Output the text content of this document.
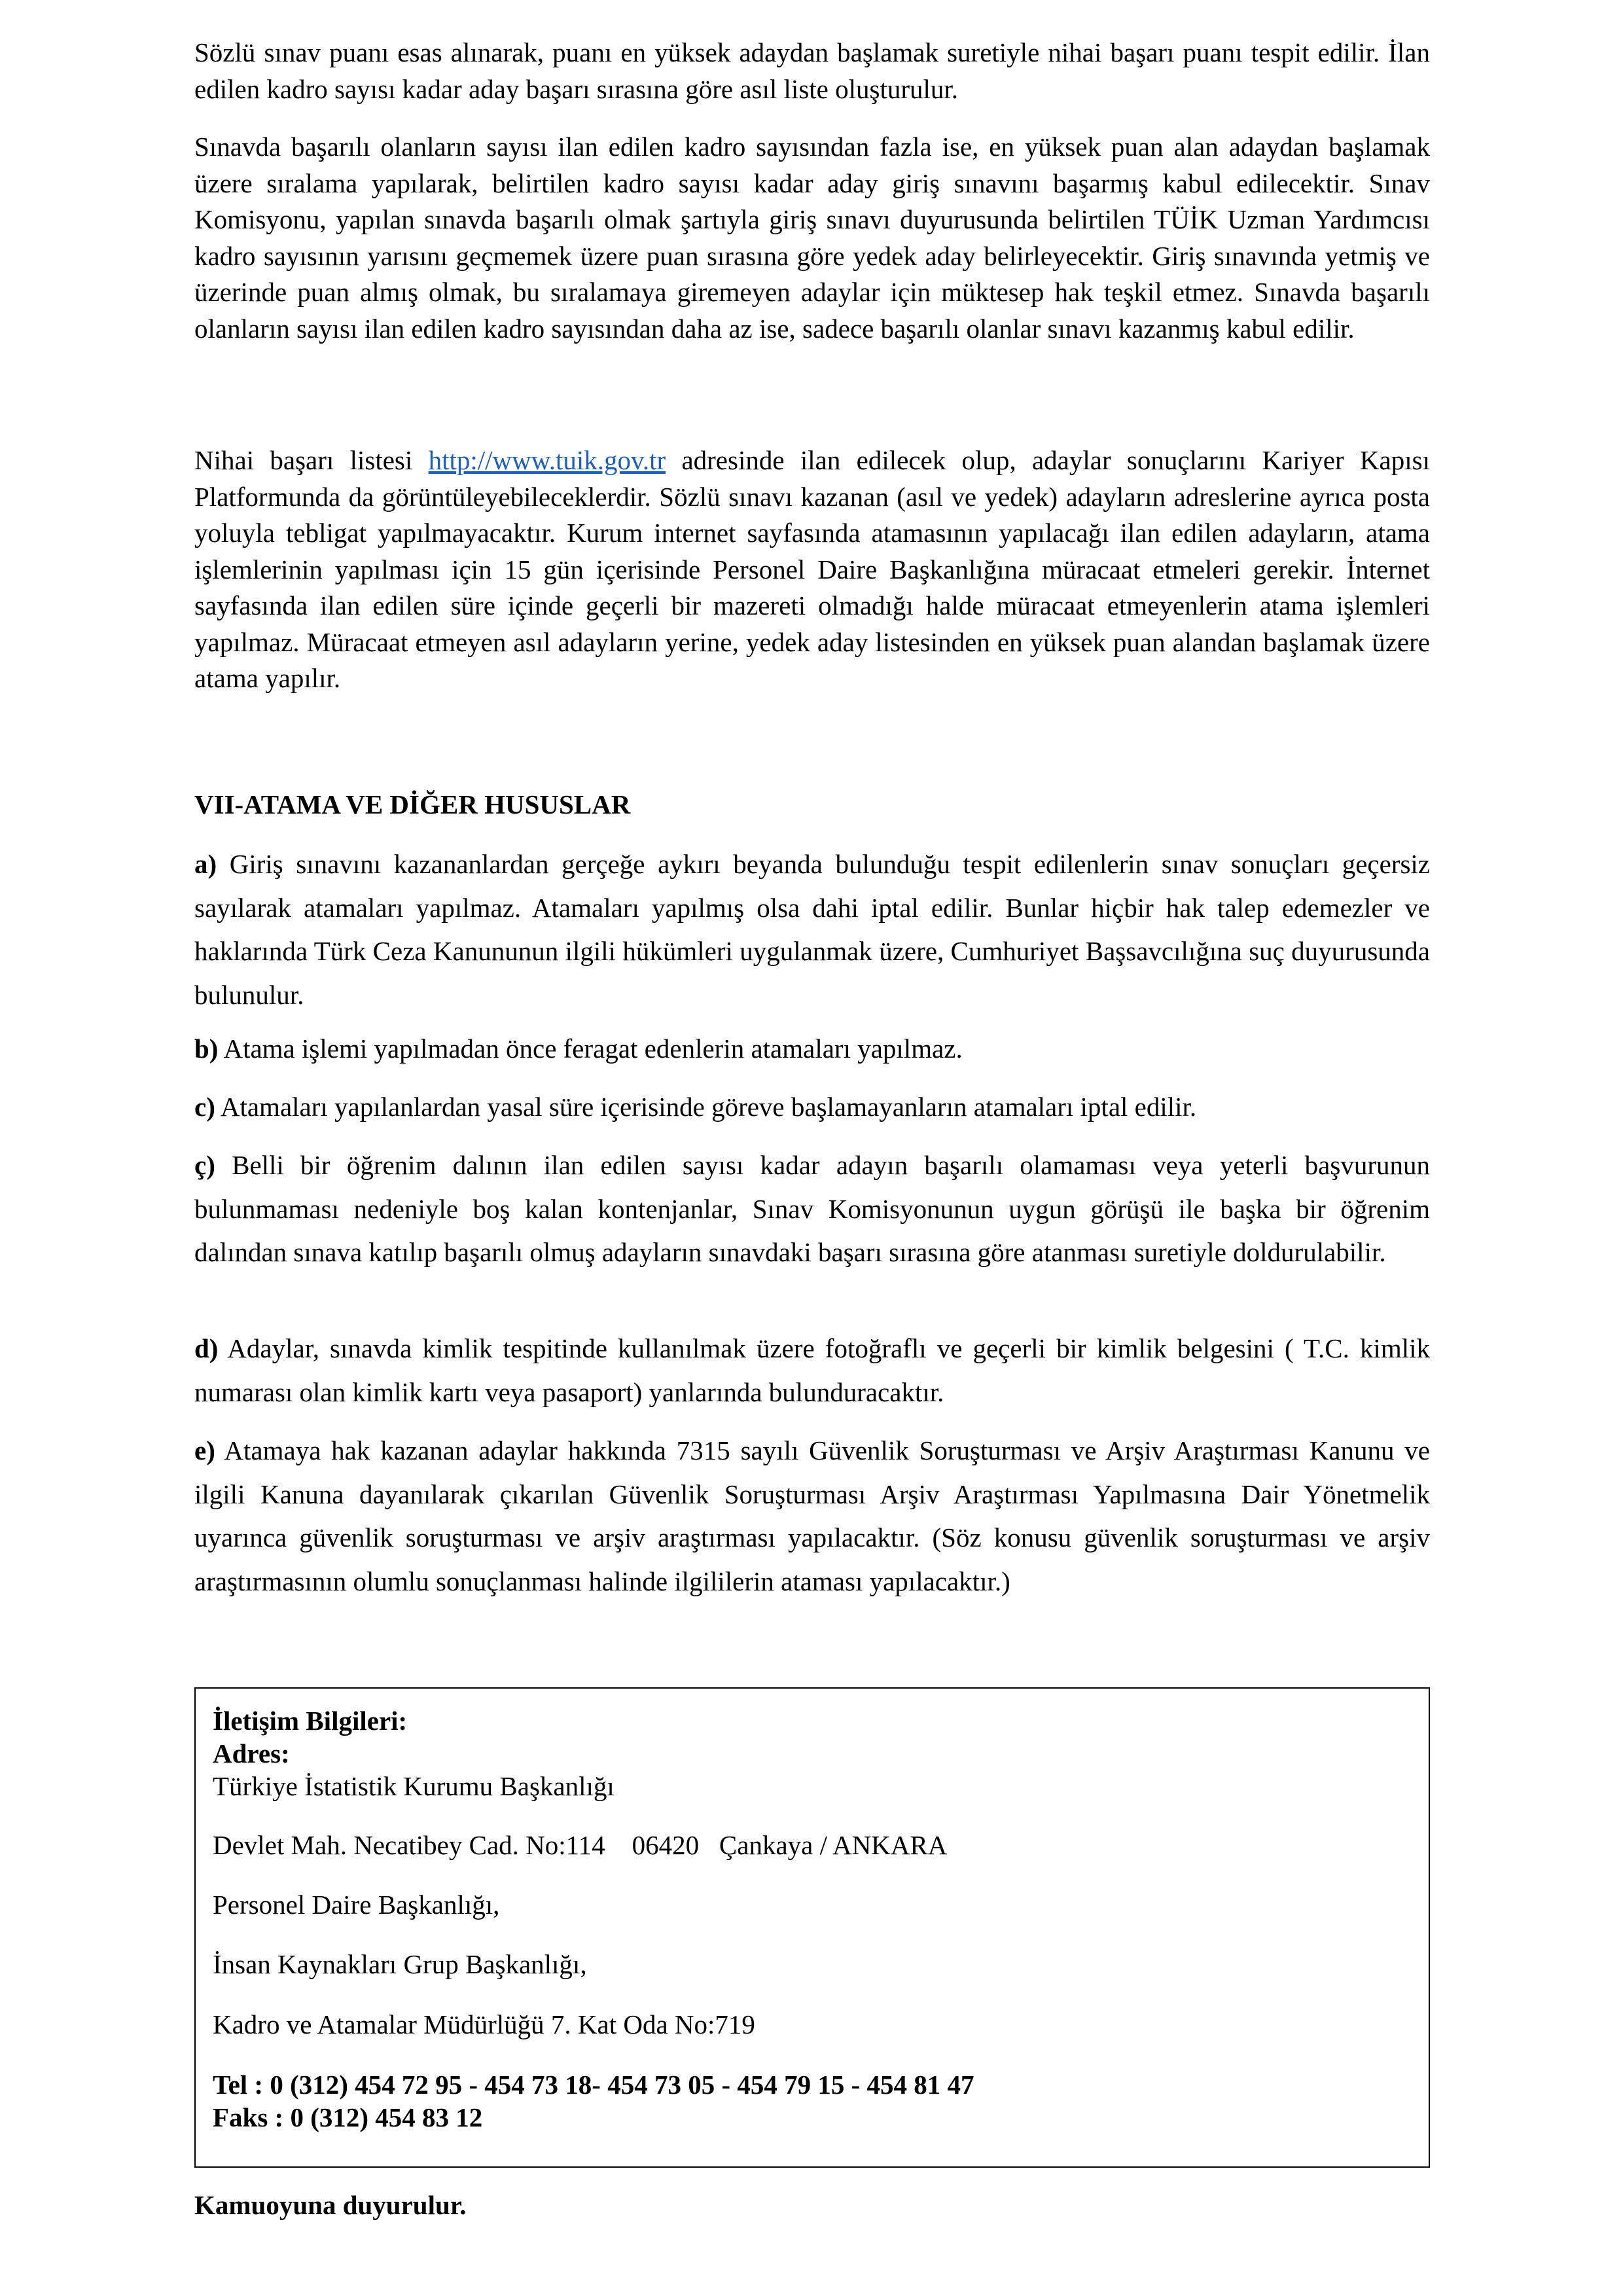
Sözlü sınav puanı esas alınarak, puanı en yüksek adaydan başlamak suretiyle nihai başarı puanı tespit edilir. İlan edilen kadro sayısı kadar aday başarı sırasına göre asıl liste oluşturulur.

Sınavda başarılı olanların sayısı ilan edilen kadro sayısından fazla ise, en yüksek puan alan adaydan başlamak üzere sıralama yapılarak, belirtilen kadro sayısı kadar aday giriş sınavını başarmış kabul edilecektir. Sınav Komisyonu, yapılan sınavda başarılı olmak şartıyla giriş sınavı duyurusunda belirtilen TÜİK Uzman Yardımcısı kadro sayısının yarısını geçmemek üzere puan sırasına göre yedek aday belirleyecektir. Giriş sınavında yetmiş ve üzerinde puan almış olmak, bu sıralamaya giremeyen adaylar için müktesep hak teşkil etmez. Sınavda başarılı olanların sayısı ilan edilen kadro sayısından daha az ise, sadece başarılı olanlar sınavı kazanmış kabul edilir.

Nihai başarı listesi http://www.tuik.gov.tr adresinde ilan edilecek olup, adaylar sonuçlarını Kariyer Kapısı Platformunda da görüntüleyebileceklerdir. Sözlü sınavı kazanan (asıl ve yedek) adayların adreslerine ayrıca posta yoluyla tebligat yapılmayacaktır. Kurum internet sayfasında atamasının yapılacağı ilan edilen adayların, atama işlemlerinin yapılması için 15 gün içerisinde Personel Daire Başkanlığına müracaat etmeleri gerekir. İnternet sayfasında ilan edilen süre içinde geçerli bir mazereti olmadığı halde müracaat etmeyenlerin atama işlemleri yapılmaz. Müracaat etmeyen asıl adayların yerine, yedek aday listesinden en yüksek puan alandan başlamak üzere atama yapılır.

VII-ATAMA VE DİĞER HUSUSLAR

a) Giriş sınavını kazananlardan gerçeğe aykırı beyanda bulunduğu tespit edilenlerin sınav sonuçları geçersiz sayılarak atamaları yapılmaz. Atamaları yapılmış olsa dahi iptal edilir. Bunlar hiçbir hak talep edemezler ve haklarında Türk Ceza Kanununun ilgili hükümleri uygulanmak üzere, Cumhuriyet Başsavcılığına suç duyurusunda bulunulur.

b) Atama işlemi yapılmadan önce feragat edenlerin atamaları yapılmaz.

c) Atamaları yapılanlardan yasal süre içerisinde göreve başlamayanların atamaları iptal edilir.

ç) Belli bir öğrenim dalının ilan edilen sayısı kadar adayın başarılı olamaması veya yeterli başvurunun bulunmaması nedeniyle boş kalan kontenjanlar, Sınav Komisyonunun uygun görüşü ile başka bir öğrenim dalından sınava katılıp başarılı olmuş adayların sınavdaki başarı sırasına göre atanması suretiyle doldurulabilir.

d) Adaylar, sınavda kimlik tespitinde kullanılmak üzere fotoğraflı ve geçerli bir kimlik belgesini ( T.C. kimlik numarası olan kimlik kartı veya pasaport) yanlarında bulunduracaktır.

e) Atamaya hak kazanan adaylar hakkında 7315 sayılı Güvenlik Soruşturması ve Arşiv Araştırması Kanunu ve ilgili Kanuna dayanılarak çıkarılan Güvenlik Soruşturması Arşiv Araştırması Yapılmasına Dair Yönetmelik uyarınca güvenlik soruşturması ve arşiv araştırması yapılacaktır. (Söz konusu güvenlik soruşturması ve arşiv araştırmasının olumlu sonuçlanması halinde ilgililerin ataması yapılacaktır.)

İletişim Bilgileri:
Adres:
Türkiye İstatistik Kurumu Başkanlığı
Devlet Mah. Necatibey Cad. No:114    06420   Çankaya / ANKARA
Personel Daire Başkanlığı,
İnsan Kaynakları Grup Başkanlığı,
Kadro ve Atamalar Müdürlüğü 7. Kat Oda No:719
Tel : 0 (312) 454 72 95 - 454 73 18- 454 73 05 - 454 79 15 - 454 81 47
Faks : 0 (312) 454 83 12
Kamuoyuna duyurulur.
